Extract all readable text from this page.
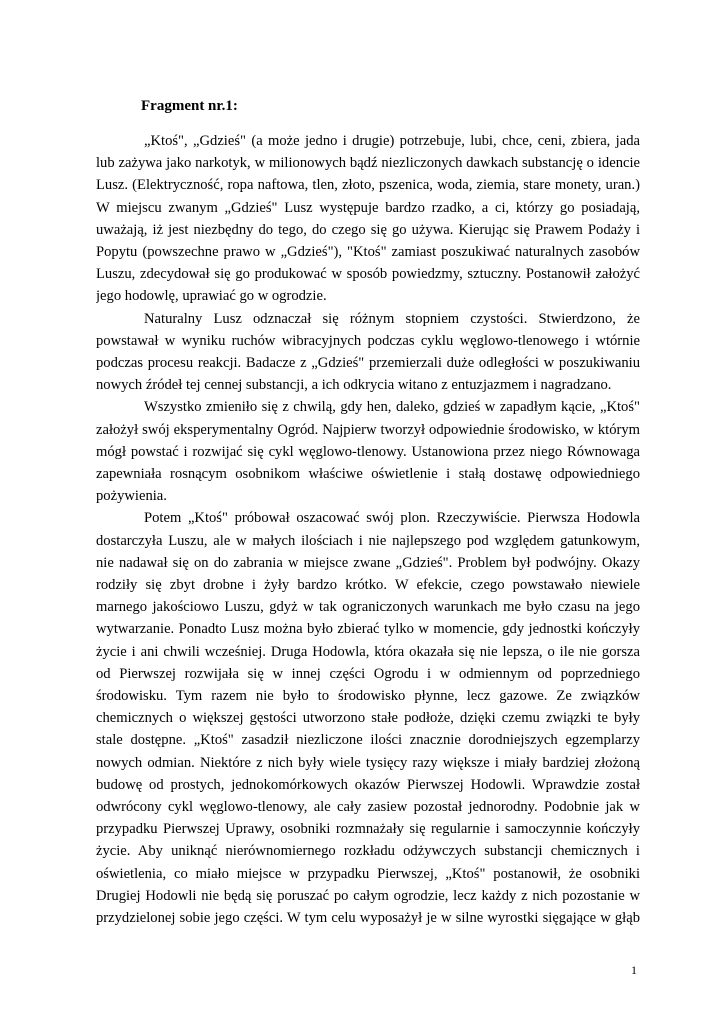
Fragment nr.1:
„Ktoś", „Gdzieś" (a może jedno i drugie) potrzebuje, lubi, chce, ceni, zbiera, jada
lub zażywa jako narkotyk, w milionowych bądź niezliczonych dawkach substancję o idencie
Lusz. (Elektryczność, ropa naftowa, tlen, złoto, pszenica, woda, ziemia, stare monety, uran.)
W miejscu zwanym „Gdzieś" Lusz występuje bardzo rzadko, a ci, którzy go posiadają,
uważają, iż jest niezbędny do tego, do czego się go używa. Kierując się Prawem Podaży i
Popytu (powszechne prawo w „Gdzieś"), "Ktoś" zamiast poszukiwać naturalnych zasobów
Luszu, zdecydował się go produkować w sposób powiedzmy, sztuczny. Postanowił założyć
jego hodowlę, uprawiać go w ogrodzie.
Naturalny Lusz odznaczał się różnym stopniem czystości. Stwierdzono, że
powstawał w wyniku ruchów wibracyjnych podczas cyklu węglowo-tlenowego i wtórnie
podczas procesu reakcji. Badacze z „Gdzieś" przemierzali duże odległości w poszukiwaniu
nowych źródeł tej cennej substancji, a ich odkrycia witano z entuzjazmem i nagradzano.
Wszystko zmieniło się z chwilą, gdy hen, daleko, gdzieś w zapadłym kącie, „Ktoś"
założył swój eksperymentalny Ogród. Najpierw tworzył odpowiednie środowisko, w którym
mógł powstać i rozwijać się cykl węglowo-tlenowy. Ustanowiona przez niego Równowaga
zapewniała rosnącym osobnikom właściwe oświetlenie i stałą dostawę odpowiedniego
pożywienia.
Potem „Ktoś" próbował oszacować swój plon. Rzeczywiście. Pierwsza Hodowla
dostarczyła Luszu, ale w małych ilościach i nie najlepszego pod względem gatunkowym,
nie nadawał się on do zabrania w miejsce zwane „Gdzieś". Problem był podwójny. Okazy
rodziły się zbyt drobne i żyły bardzo krótko. W efekcie, czego powstawało niewiele
marnego jakościowo Luszu, gdyż w tak ograniczonych warunkach me było czasu na jego
wytwarzanie. Ponadto Lusz można było zbierać tylko w momencie, gdy jednostki kończyły
życie i ani chwili wcześniej. Druga Hodowla, która okazała się nie lepsza, o ile nie gorsza
od Pierwszej rozwijała się w innej części Ogrodu i w odmiennym od poprzedniego
środowisku. Tym razem nie było to środowisko płynne, lecz gazowe. Ze związków
chemicznych o większej gęstości utworzono stałe podłoże, dzięki czemu związki te były
stale dostępne. „Ktoś" zasadził niezliczone ilości znacznie dorodniejszych egzemplarzy
nowych odmian. Niektóre z nich były wiele tysięcy razy większe i miały bardziej złożoną
budowę od prostych, jednokomórkowych okazów Pierwszej Hodowli. Wprawdzie został
odwrócony cykl węglowo-tlenowy, ale cały zasiew pozostał jednorodny. Podobnie jak w
przypadku Pierwszej Uprawy, osobniki rozmnażały się regularnie i samoczynnie kończyły
życie. Aby uniknąć nierównomiernego rozkładu odżywczych substancji chemicznych i
oświetlenia, co miało miejsce w przypadku Pierwszej, „Ktoś" postanowił, że osobniki
Drugiej Hodowli nie będą się poruszać po całym ogrodzie, lecz każdy z nich pozostanie w
przydzielonej sobie jego części. W tym celu wyposażył je w silne wyrostki sięgające w głąb
1
